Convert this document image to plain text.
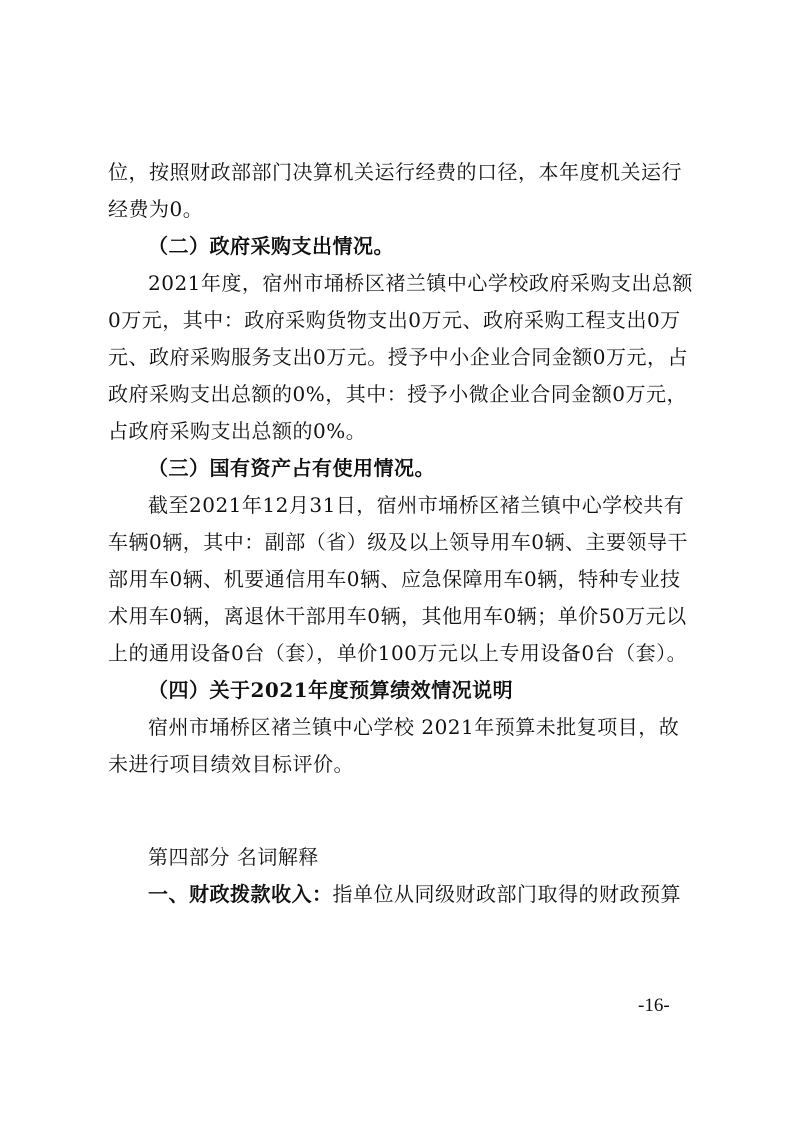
位，按照财政部部门决算机关运行经费的口径，本年度机关运行经费为0。

（二）政府采购支出情况。

2021年度，宿州市埇桥区褚兰镇中心学校政府采购支出总额0万元，其中：政府采购货物支出0万元、政府采购工程支出0万元、政府采购服务支出0万元。授予中小企业合同金额0万元，占政府采购支出总额的0%，其中：授予小微企业合同金额0万元，占政府采购支出总额的0%。

（三）国有资产占有使用情况。

截至2021年12月31日，宿州市埇桥区褚兰镇中心学校共有车辆0辆，其中：副部（省）级及以上领导用车0辆、主要领导干部用车0辆、机要通信用车0辆、应急保障用车0辆，特种专业技术用车0辆，离退休干部用车0辆，其他用车0辆；单价50万元以上的通用设备0台（套），单价100万元以上专用设备0台（套）。

（四）关于2021年度预算绩效情况说明

宿州市埇桥区褚兰镇中心学校 2021年预算未批复项目，故未进行项目绩效目标评价。

第四部分 名词解释

一、财政拨款收入：指单位从同级财政部门取得的财政预算

-16-
